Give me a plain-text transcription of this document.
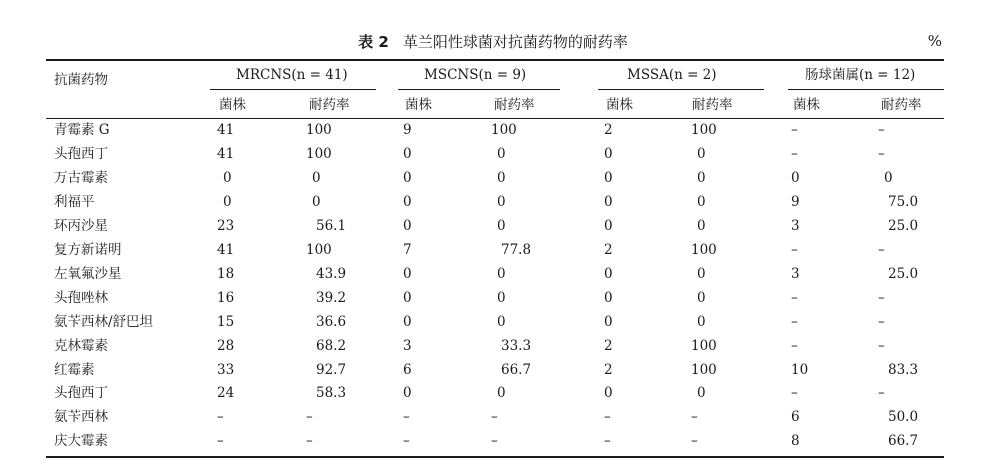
表 2 革兰阳性球菌对抗菌药物的耐药率	%
抗菌药物	MRCNS(n = 41)	MSCNS(n = 9)	MSSA(n = 2)	肠球菌属(n = 12)
菌株	耐药率	菌株	耐药率	菌株	耐药率	菌株	耐药率
青霉素 G	41	100	9	100	2	100	–	–
头孢西丁	41	100	0	0	0	0	–	–
万古霉素	0	0	0	0	0	0	0	0
利福平	0	0	0	0	0	0	9	75.0
环丙沙星	23	56.1	0	0	0	0	3	25.0
复方新诺明	41	100	7	77.8	2	100	–	–
左氧氟沙星	18	43.9	0	0	0	0	3	25.0
头孢唑林	16	39.2	0	0	0	0	–	–
氨苄西林/舒巴坦	15	36.6	0	0	0	0	–	–
克林霉素	28	68.2	3	33.3	2	100	–	–
红霉素	33	92.7	6	66.7	2	100	10	83.3
头孢西丁	24	58.3	0	0	0	0	–	–
氨苄西林	–	–	–	–	–	–	6	50.0
庆大霉素	–	–	–	–	–	–	8	66.7
